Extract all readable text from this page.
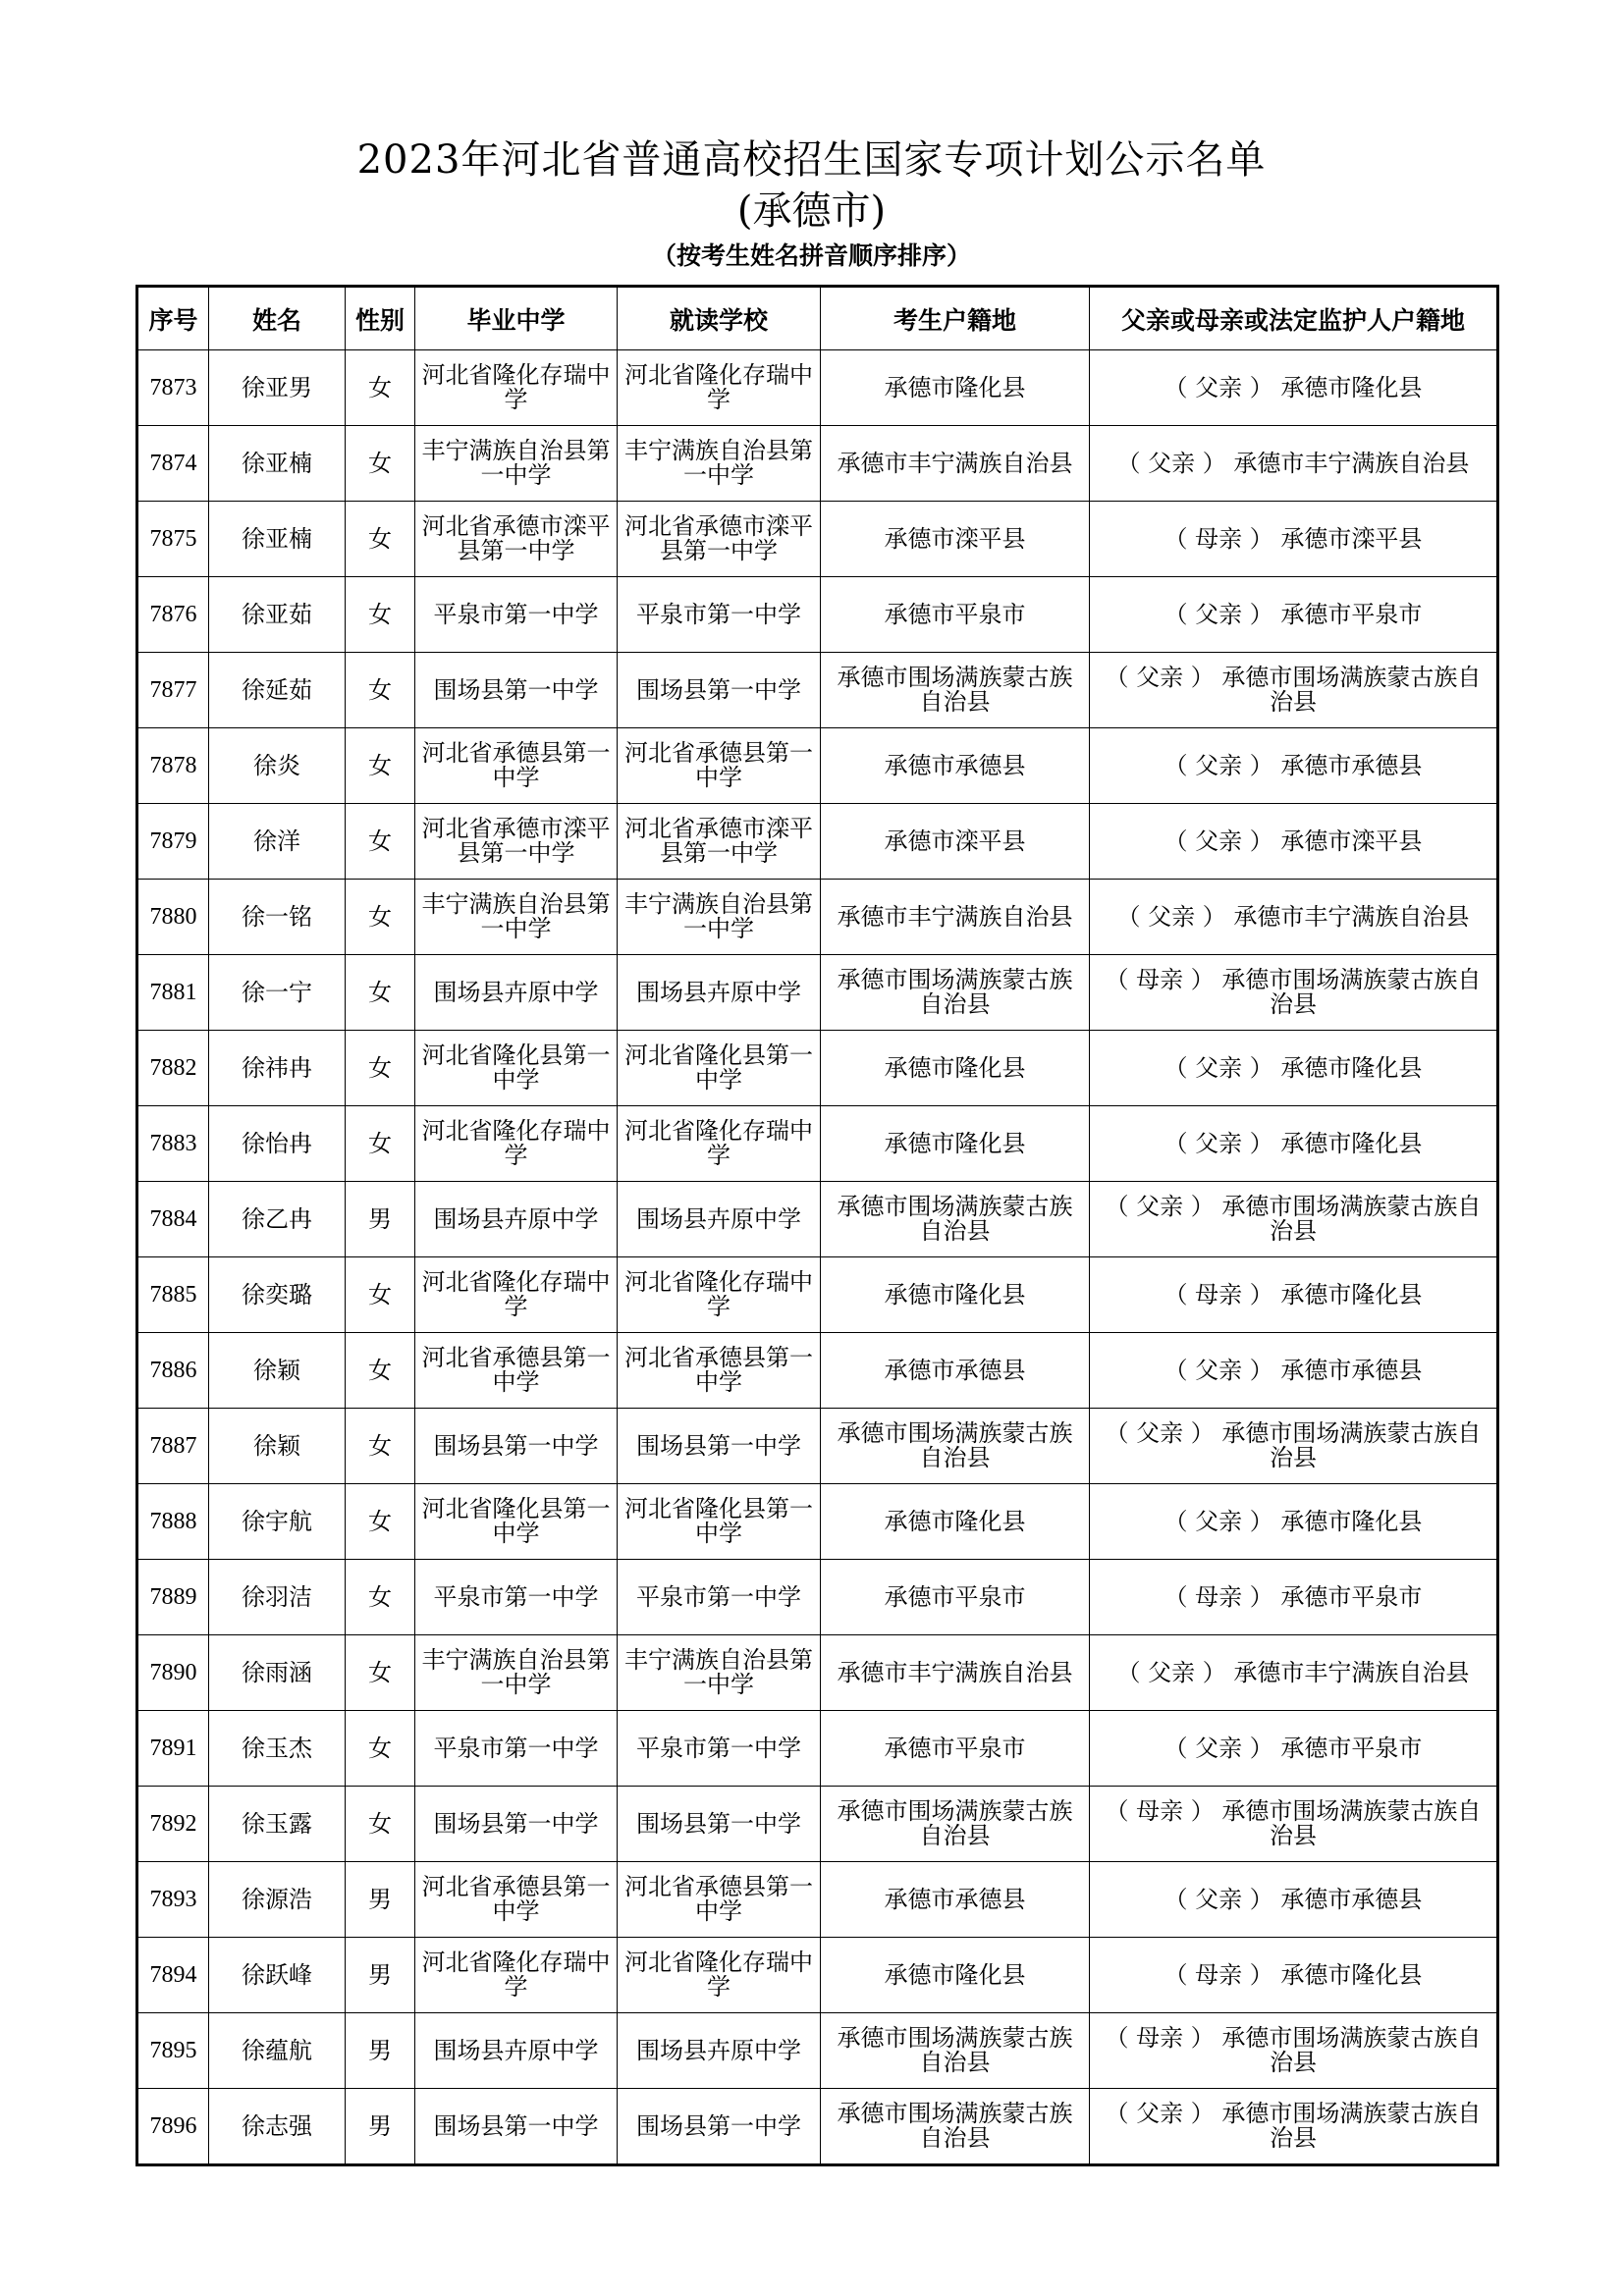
2023年河北省普通高校招生国家专项计划公示名单
(承德市)
（按考生姓名拼音顺序排序）
序号	姓名	性别	毕业中学	就读学校	考生户籍地	父亲或母亲或法定监护人户籍地
7873	徐亚男	女	河北省隆化存瑞中学	河北省隆化存瑞中学	承德市隆化县	（ 父亲 ） 承德市隆化县
7874	徐亚楠	女	丰宁满族自治县第一中学	丰宁满族自治县第一中学	承德市丰宁满族自治县	（ 父亲 ） 承德市丰宁满族自治县
7875	徐亚楠	女	河北省承德市滦平县第一中学	河北省承德市滦平县第一中学	承德市滦平县	（ 母亲 ） 承德市滦平县
7876	徐亚茹	女	平泉市第一中学	平泉市第一中学	承德市平泉市	（ 父亲 ） 承德市平泉市
7877	徐延茹	女	围场县第一中学	围场县第一中学	承德市围场满族蒙古族自治县	（ 父亲 ） 承德市围场满族蒙古族自治县
7878	徐炎	女	河北省承德县第一中学	河北省承德县第一中学	承德市承德县	（ 父亲 ） 承德市承德县
7879	徐洋	女	河北省承德市滦平县第一中学	河北省承德市滦平县第一中学	承德市滦平县	（ 父亲 ） 承德市滦平县
7880	徐一铭	女	丰宁满族自治县第一中学	丰宁满族自治县第一中学	承德市丰宁满族自治县	（ 父亲 ） 承德市丰宁满族自治县
7881	徐一宁	女	围场县卉原中学	围场县卉原中学	承德市围场满族蒙古族自治县	（ 母亲 ） 承德市围场满族蒙古族自治县
7882	徐祎冉	女	河北省隆化县第一中学	河北省隆化县第一中学	承德市隆化县	（ 父亲 ） 承德市隆化县
7883	徐怡冉	女	河北省隆化存瑞中学	河北省隆化存瑞中学	承德市隆化县	（ 父亲 ） 承德市隆化县
7884	徐乙冉	男	围场县卉原中学	围场县卉原中学	承德市围场满族蒙古族自治县	（ 父亲 ） 承德市围场满族蒙古族自治县
7885	徐奕璐	女	河北省隆化存瑞中学	河北省隆化存瑞中学	承德市隆化县	（ 母亲 ） 承德市隆化县
7886	徐颖	女	河北省承德县第一中学	河北省承德县第一中学	承德市承德县	（ 父亲 ） 承德市承德县
7887	徐颖	女	围场县第一中学	围场县第一中学	承德市围场满族蒙古族自治县	（ 父亲 ） 承德市围场满族蒙古族自治县
7888	徐宇航	女	河北省隆化县第一中学	河北省隆化县第一中学	承德市隆化县	（ 父亲 ） 承德市隆化县
7889	徐羽洁	女	平泉市第一中学	平泉市第一中学	承德市平泉市	（ 母亲 ） 承德市平泉市
7890	徐雨涵	女	丰宁满族自治县第一中学	丰宁满族自治县第一中学	承德市丰宁满族自治县	（ 父亲 ） 承德市丰宁满族自治县
7891	徐玉杰	女	平泉市第一中学	平泉市第一中学	承德市平泉市	（ 父亲 ） 承德市平泉市
7892	徐玉露	女	围场县第一中学	围场县第一中学	承德市围场满族蒙古族自治县	（ 母亲 ） 承德市围场满族蒙古族自治县
7893	徐源浩	男	河北省承德县第一中学	河北省承德县第一中学	承德市承德县	（ 父亲 ） 承德市承德县
7894	徐跃峰	男	河北省隆化存瑞中学	河北省隆化存瑞中学	承德市隆化县	（ 母亲 ） 承德市隆化县
7895	徐蕴航	男	围场县卉原中学	围场县卉原中学	承德市围场满族蒙古族自治县	（ 母亲 ） 承德市围场满族蒙古族自治县
7896	徐志强	男	围场县第一中学	围场县第一中学	承德市围场满族蒙古族自治县	（ 父亲 ） 承德市围场满族蒙古族自治县
